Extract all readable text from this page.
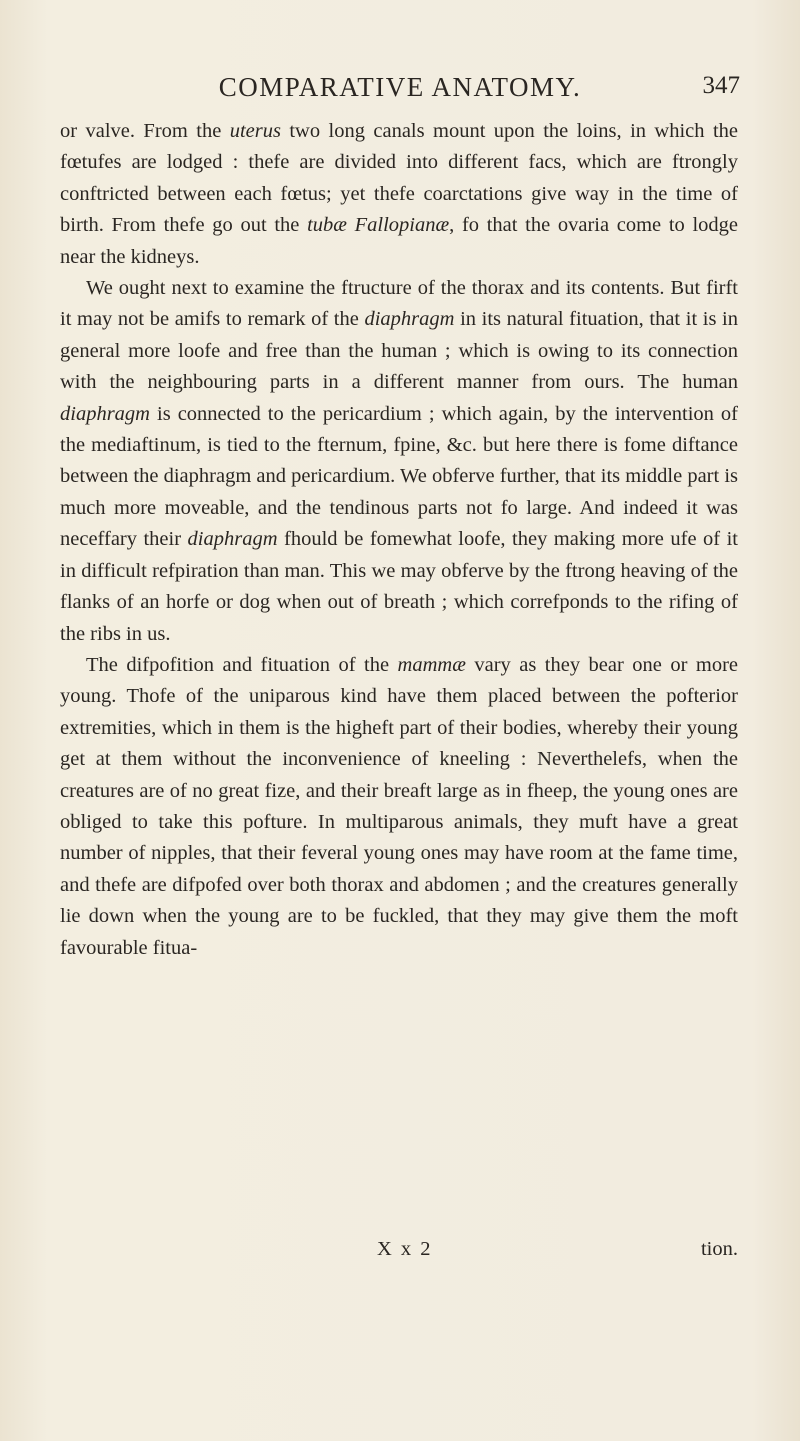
COMPARATIVE ANATOMY.	347

or valve. From the uterus two long canals mount upon the loins, in which the fœtufes are lodged : thefe are divided into different facs, which are ftrongly conftricted between each fœtus; yet thefe coarctations give way in the time of birth. From thefe go out the tubæ Fallopianæ, fo that the ovaria come to lodge near the kidneys.

We ought next to examine the ftructure of the thorax and its contents. But firft it may not be amifs to remark of the diaphragm in its natural fituation, that it is in general more loofe and free than the human ; which is owing to its connection with the neighbouring parts in a different manner from ours. The human diaphragm is connected to the pericardium ; which again, by the intervention of the mediaftinum, is tied to the fternum, fpine, &c. but here there is fome diftance between the diaphragm and pericardium. We obferve further, that its middle part is much more moveable, and the tendinous parts not fo large. And indeed it was neceffary their diaphragm fhould be fomewhat loofe, they making more ufe of it in difficult refpiration than man. This we may obferve by the ftrong heaving of the flanks of an horfe or dog when out of breath ; which correfponds to the rifing of the ribs in us.

The difpofition and fituation of the mammæ vary as they bear one or more young. Thofe of the uniparous kind have them placed between the pofterior extremities, which in them is the higheft part of their bodies, whereby their young get at them without the inconvenience of kneeling : Neverthelefs, when the creatures are of no great fize, and their breaft large as in fheep, the young ones are obliged to take this pofture. In multiparous animals, they muft have a great number of nipples, that their feveral young ones may have room at the fame time, and thefe are difpofed over both thorax and abdomen ; and the creatures generally lie down when the young are to be fuckled, that they may give them the moft favourable fitua-

X x 2	tion.
